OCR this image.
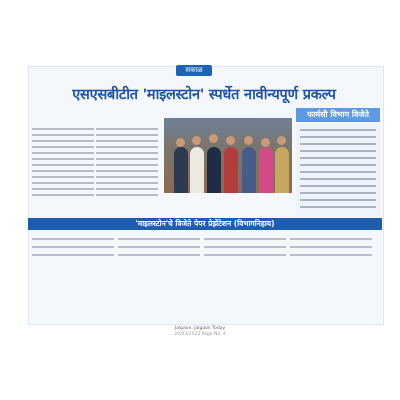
सकाळ
एसएसबीटीत 'माइलस्टोन' स्पर्धेत नावीन्यपूर्ण प्रकल्प
फार्मसी विभाग विजेते
'माइलस्टोन'चे विजेते पेपर प्रेझेंटेशन (विभागनिहाय)
Jalgaon, Jalgaon Today
20/03/2023 Page No. 4
